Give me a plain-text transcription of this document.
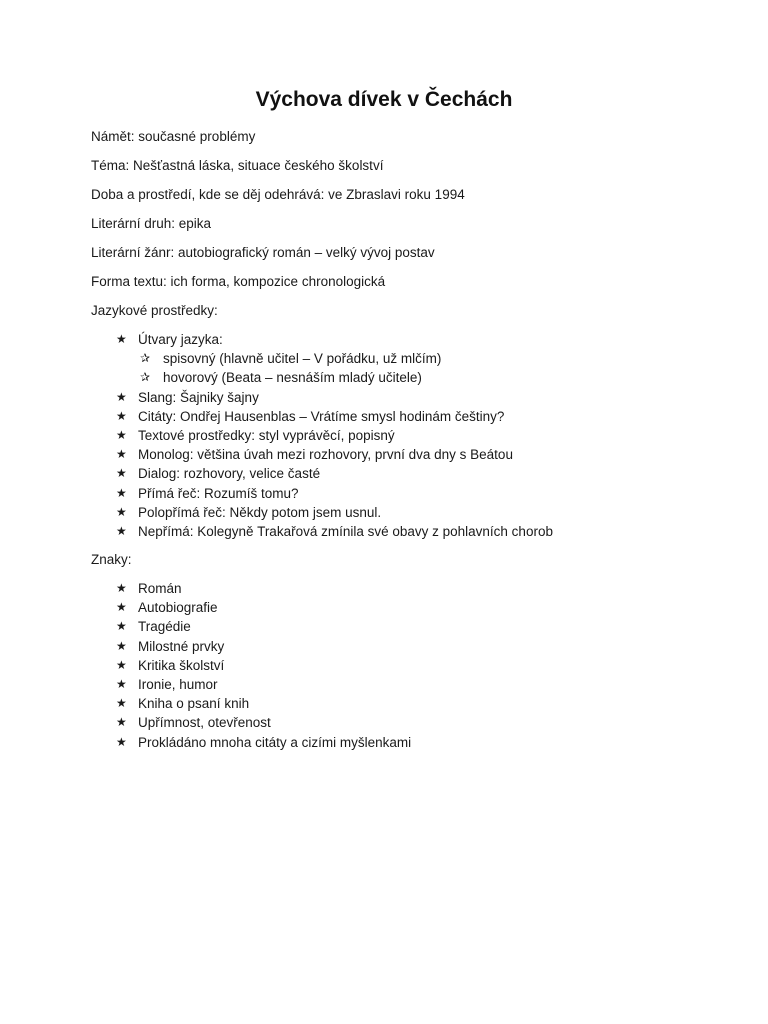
Výchova dívek v Čechách

Námět: současné problémy

Téma: Nešťastná láska, situace českého školství

Doba a prostředí, kde se děj odehrává: ve Zbraslavi roku 1994

Literární druh: epika

Literární žánr: autobiografický román – velký vývoj postav

Forma textu: ich forma, kompozice chronologická

Jazykové prostředky:

★ Útvary jazyka:
✰ spisovný (hlavně učitel – V pořádku, už mlčím)
✰ hovorový (Beata – nesnáším mladý učitele)
★ Slang: Šajniky šajny
★ Citáty: Ondřej Hausenblas – Vrátíme smysl hodinám češtiny?
★ Textové prostředky: styl vyprávěcí, popisný
★ Monolog: většina úvah mezi rozhovory, první dva dny s Beátou
★ Dialog: rozhovory, velice časté
★ Přímá řeč: Rozumíš tomu?
★ Polopřímá řeč: Někdy potom jsem usnul.
★ Nepřímá: Kolegyně Trakařová zmínila své obavy z pohlavních chorob

Znaky:

★ Román
★ Autobiografie
★ Tragédie
★ Milostné prvky
★ Kritika školství
★ Ironie, humor
★ Kniha o psaní knih
★ Upřímnost, otevřenost
★ Prokládáno mnoha citáty a cizími myšlenkami
